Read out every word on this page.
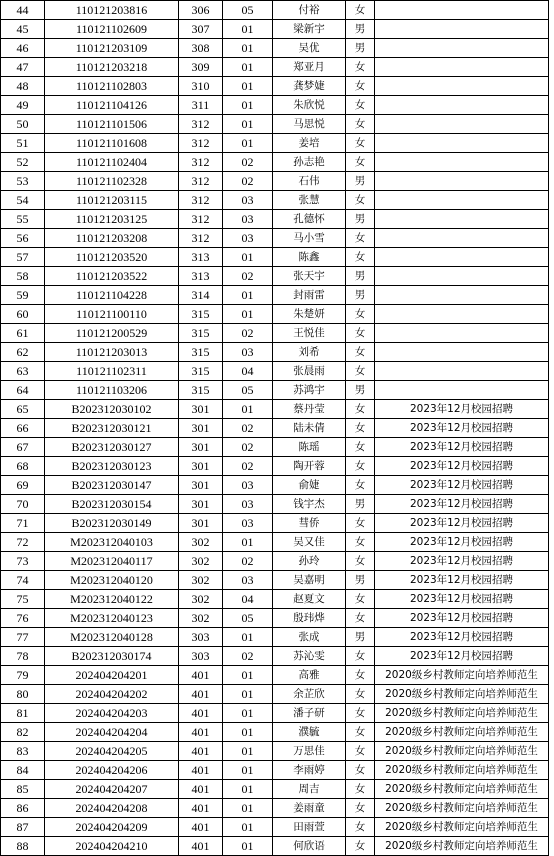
44	110121203816	306	05	付裕	女	
45	110121102609	307	01	梁新宇	男	
46	110121203109	308	01	吴优	男	
47	110121203218	309	01	郑亚月	女	
48	110121102803	310	01	龚梦婕	女	
49	110121104126	311	01	朱欣悦	女	
50	110121101506	312	01	马思悦	女	
51	110121101608	312	01	姜培	女	
52	110121102404	312	02	孙志艳	女	
53	110121102328	312	02	石伟	男	
54	110121203115	312	03	张慧	女	
55	110121203125	312	03	孔德怀	男	
56	110121203208	312	03	马小雪	女	
57	110121203520	313	01	陈鑫	女	
58	110121203522	313	02	张天宇	男	
59	110121104228	314	01	封雨雷	男	
60	110121100110	315	01	朱楚妍	女	
61	110121200529	315	02	王悦佳	女	
62	110121203013	315	03	刘希	女	
63	110121102311	315	04	张晨雨	女	
64	110121103206	315	05	苏鸿宇	男	
65	B202312030102	301	01	蔡丹莹	女	2023年12月校园招聘
66	B202312030121	301	02	陆未倩	女	2023年12月校园招聘
67	B202312030127	301	02	陈瑶	女	2023年12月校园招聘
68	B202312030123	301	02	陶开蓉	女	2023年12月校园招聘
69	B202312030147	301	03	俞婕	女	2023年12月校园招聘
70	B202312030154	301	03	钱宇杰	男	2023年12月校园招聘
71	B202312030149	301	03	彗侨	女	2023年12月校园招聘
72	M202312040103	302	01	吴又佳	女	2023年12月校园招聘
73	M202312040117	302	02	孙玲	女	2023年12月校园招聘
74	M202312040120	302	03	吴嘉明	男	2023年12月校园招聘
75	M202312040122	302	04	赵夏文	女	2023年12月校园招聘
76	M202312040123	302	05	殷玮烨	女	2023年12月校园招聘
77	M202312040128	303	01	张成	男	2023年12月校园招聘
78	B202312030174	303	02	苏沁雯	女	2023年12月校园招聘
79	202404204201	401	01	高雅	女	2020级乡村教师定向培养师范生
80	202404204202	401	01	余芷欣	女	2020级乡村教师定向培养师范生
81	202404204203	401	01	潘子研	女	2020级乡村教师定向培养师范生
82	202404204204	401	01	濮毓	女	2020级乡村教师定向培养师范生
83	202404204205	401	01	万思佳	女	2020级乡村教师定向培养师范生
84	202404204206	401	01	李雨婷	女	2020级乡村教师定向培养师范生
85	202404204207	401	01	周吉	女	2020级乡村教师定向培养师范生
86	202404204208	401	01	姜雨童	女	2020级乡村教师定向培养师范生
87	202404204209	401	01	田雨萱	女	2020级乡村教师定向培养师范生
88	202404204210	401	01	何欣语	女	2020级乡村教师定向培养师范生
